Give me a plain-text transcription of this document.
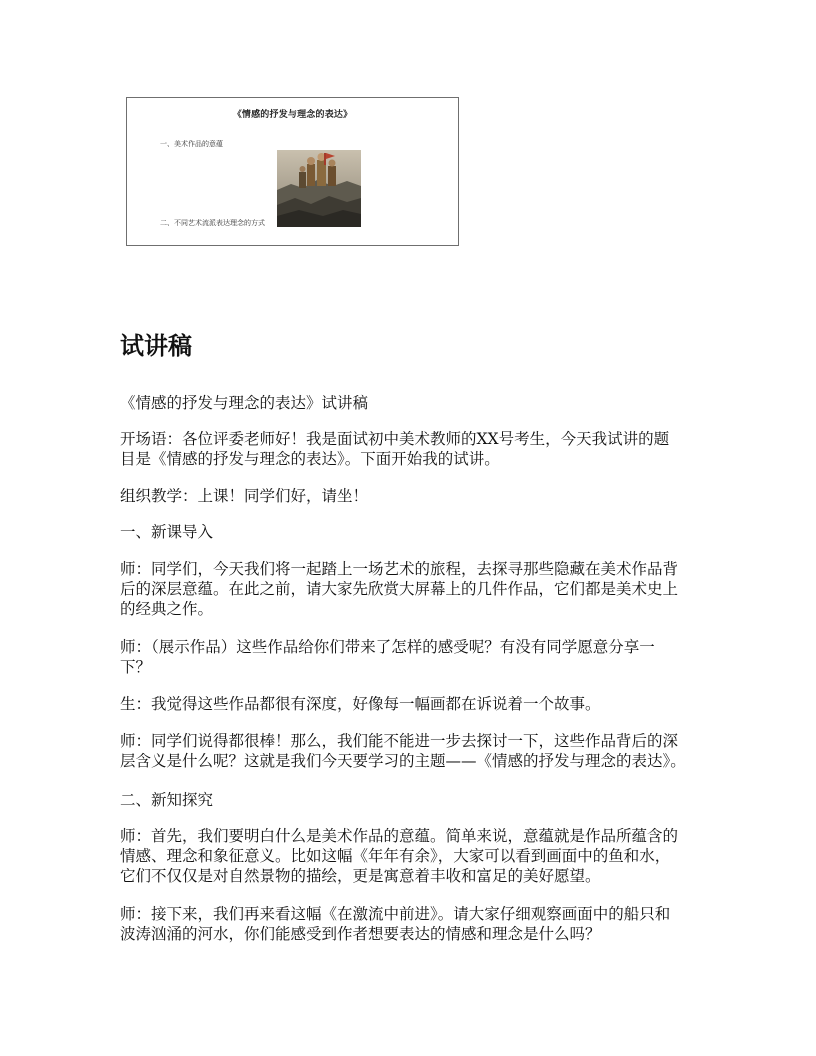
《情感的抒发与理念的表达》
一、美术作品的意蕴
二、不同艺术流派表达理念的方式
试讲稿

《情感的抒发与理念的表达》试讲稿

开场语：各位评委老师好！我是面试初中美术教师的XX号考生，今天我试讲的题
目是《情感的抒发与理念的表达》。下面开始我的试讲。

组织教学：上课！同学们好，请坐！

一、新课导入

师：同学们，今天我们将一起踏上一场艺术的旅程，去探寻那些隐藏在美术作品背
后的深层意蕴。在此之前，请大家先欣赏大屏幕上的几件作品，它们都是美术史上
的经典之作。

师：（展示作品）这些作品给你们带来了怎样的感受呢？有没有同学愿意分享一
下？

生：我觉得这些作品都很有深度，好像每一幅画都在诉说着一个故事。

师：同学们说得都很棒！那么，我们能不能进一步去探讨一下，这些作品背后的深
层含义是什么呢？这就是我们今天要学习的主题——《情感的抒发与理念的表达》。

二、新知探究

师：首先，我们要明白什么是美术作品的意蕴。简单来说，意蕴就是作品所蕴含的
情感、理念和象征意义。比如这幅《年年有余》，大家可以看到画面中的鱼和水，
它们不仅仅是对自然景物的描绘，更是寓意着丰收和富足的美好愿望。

师：接下来，我们再来看这幅《在激流中前进》。请大家仔细观察画面中的船只和
波涛汹涌的河水，你们能感受到作者想要表达的情感和理念是什么吗？
